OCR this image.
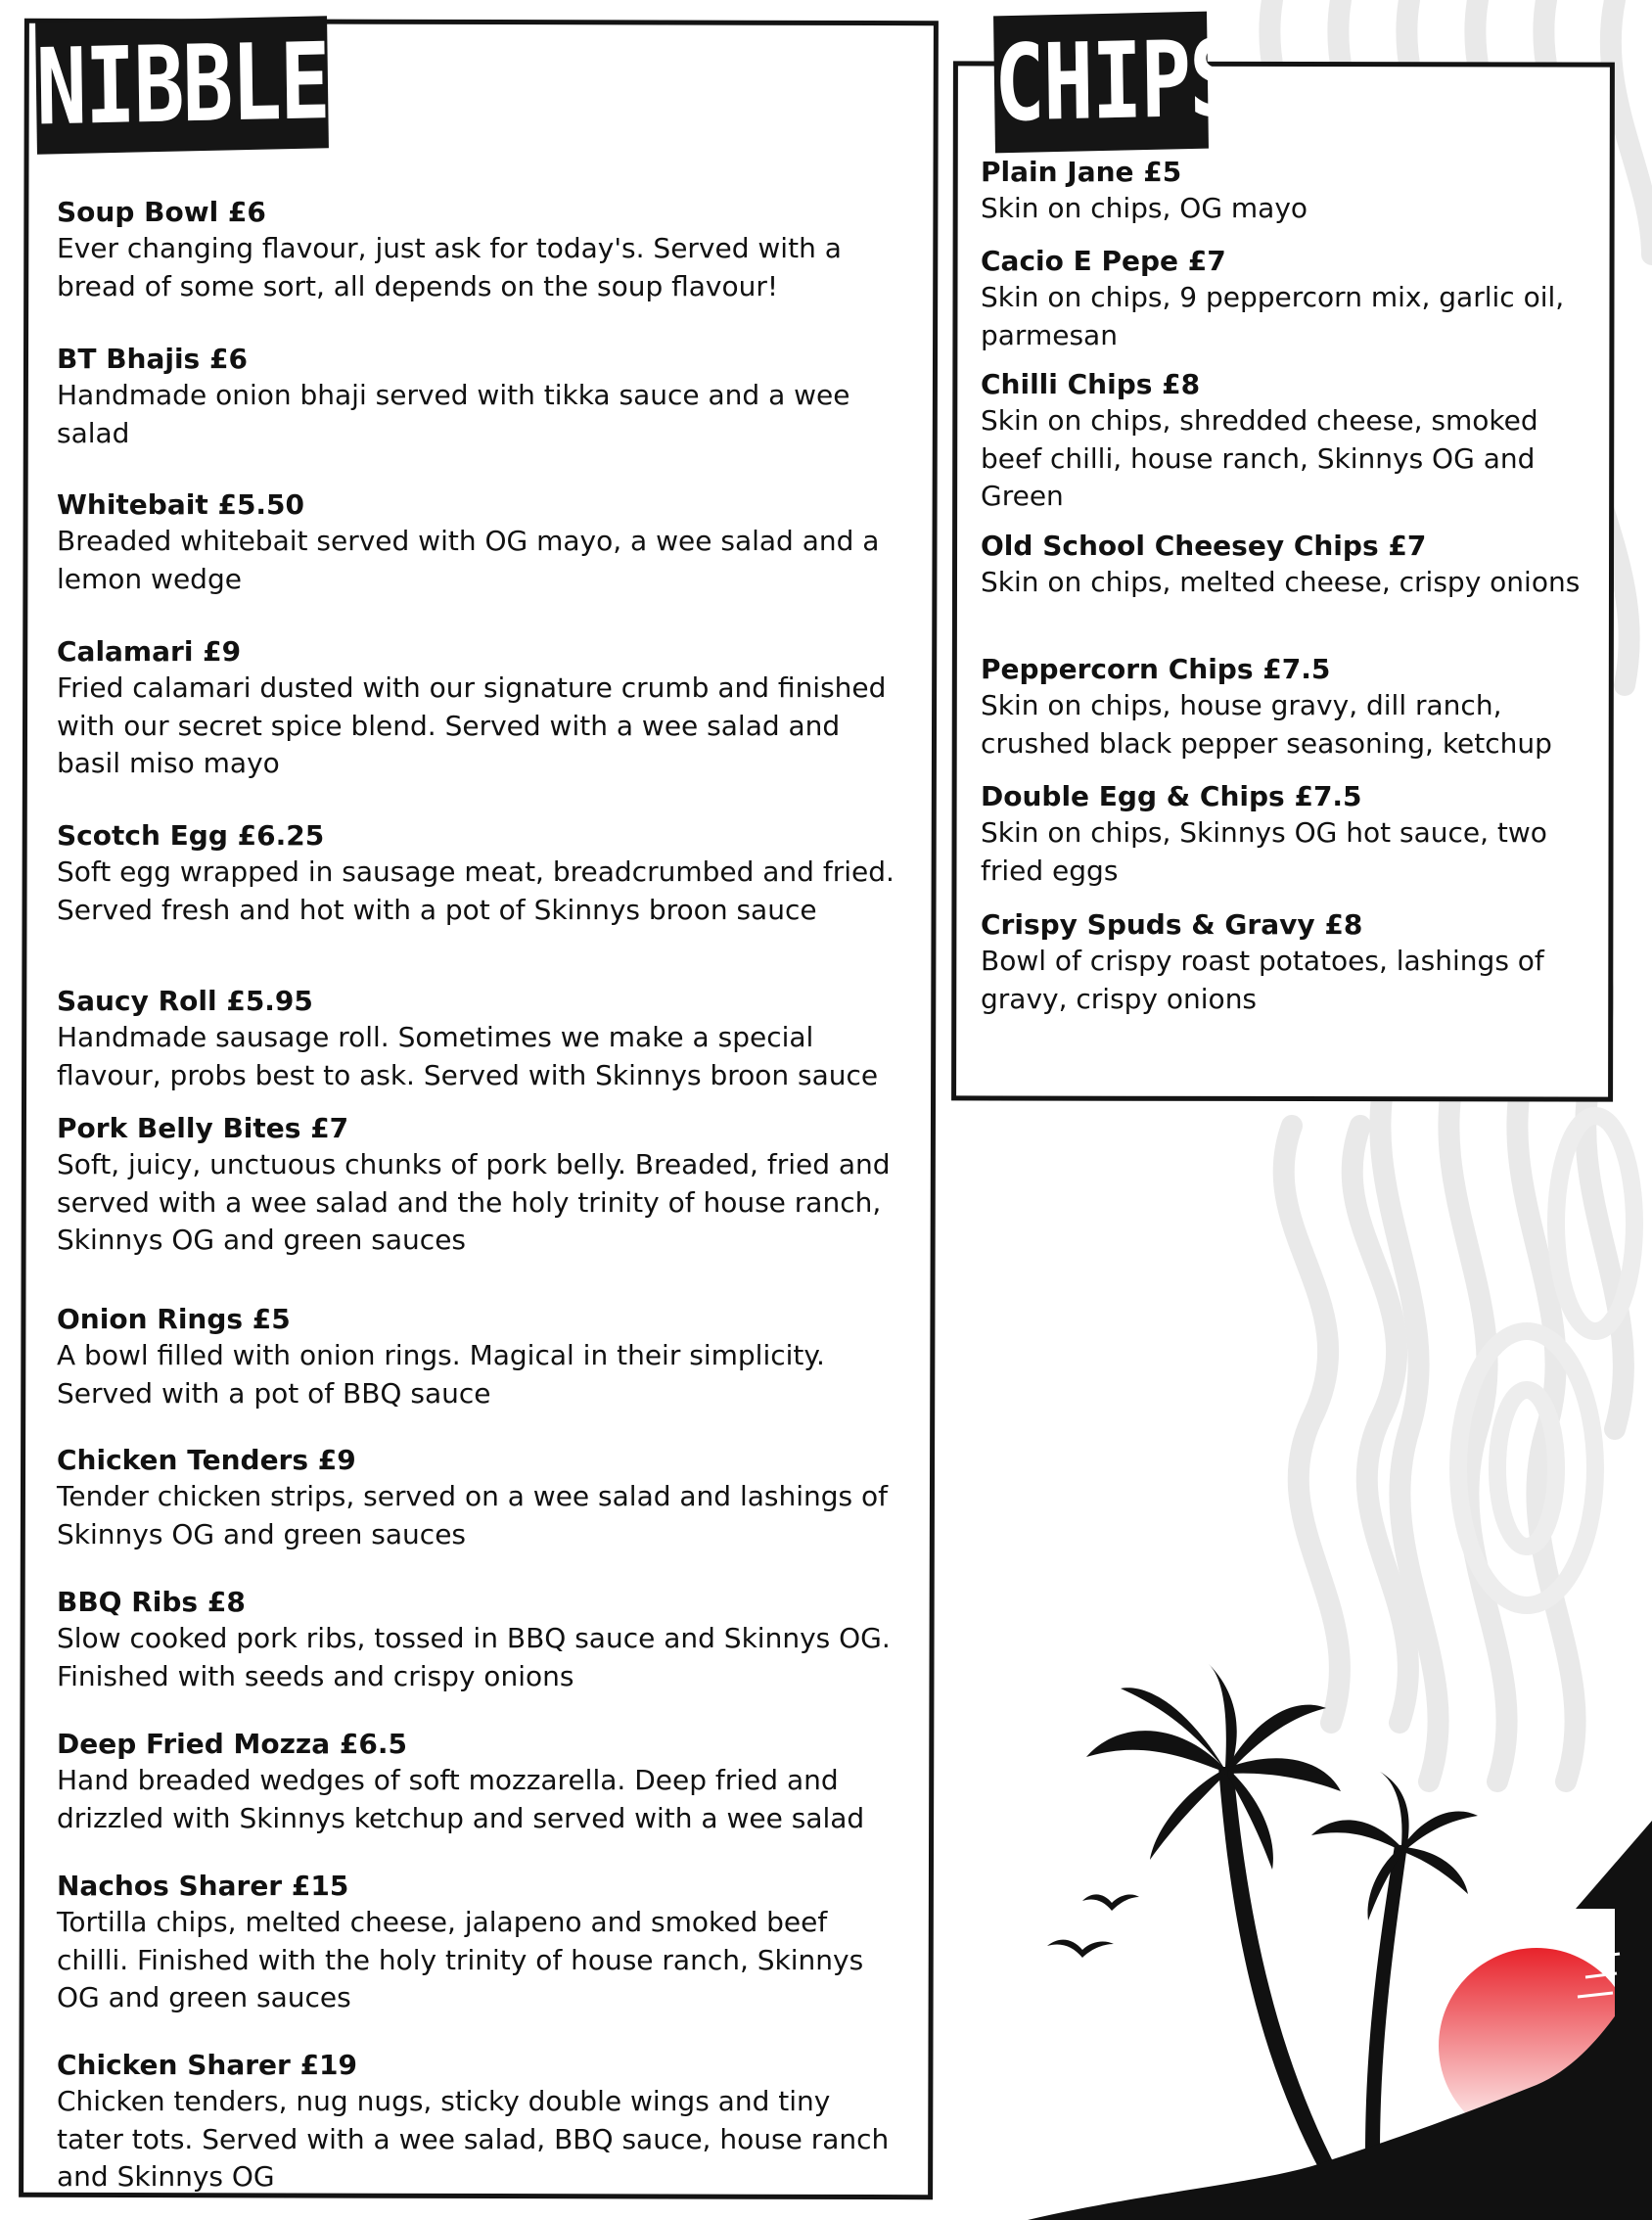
NIBBLES	CHIPS
Soup Bowl £6
Ever changing flavour, just ask for today's. Served with a bread of some sort, all depends on the soup flavour!
BT Bhajis £6
Handmade onion bhaji served with tikka sauce and a wee salad
Whitebait £5.50
Breaded whitebait served with OG mayo, a wee salad and a lemon wedge
Calamari £9
Fried calamari dusted with our signature crumb and finished with our secret spice blend. Served with a wee salad and basil miso mayo
Scotch Egg £6.25
Soft egg wrapped in sausage meat, breadcrumbed and fried. Served fresh and hot with a pot of Skinnys broon sauce
Saucy Roll £5.95
Handmade sausage roll. Sometimes we make a special flavour, probs best to ask. Served with Skinnys broon sauce
Pork Belly Bites £7
Soft, juicy, unctuous chunks of pork belly. Breaded, fried and served with a wee salad and the holy trinity of house ranch, Skinnys OG and green sauces
Onion Rings £5
A bowl filled with onion rings. Magical in their simplicity. Served with a pot of BBQ sauce
Chicken Tenders £9
Tender chicken strips, served on a wee salad and lashings of Skinnys OG and green sauces
BBQ Ribs £8
Slow cooked pork ribs, tossed in BBQ sauce and Skinnys OG. Finished with seeds and crispy onions
Deep Fried Mozza £6.5
Hand breaded wedges of soft mozzarella. Deep fried and drizzled with Skinnys ketchup and served with a wee salad
Nachos Sharer £15
Tortilla chips, melted cheese, jalapeno and smoked beef chilli. Finished with the holy trinity of house ranch, Skinnys OG and green sauces
Chicken Sharer £19
Chicken tenders, nug nugs, sticky double wings and tiny tater tots. Served with a wee salad, BBQ sauce, house ranch and Skinnys OG
Plain Jane £5
Skin on chips, OG mayo
Cacio E Pepe £7
Skin on chips, 9 peppercorn mix, garlic oil, parmesan
Chilli Chips £8
Skin on chips, shredded cheese, smoked beef chilli, house ranch, Skinnys OG and Green
Old School Cheesey Chips £7
Skin on chips, melted cheese, crispy onions
Peppercorn Chips £7.5
Skin on chips, house gravy, dill ranch, crushed black pepper seasoning, ketchup
Double Egg & Chips £7.5
Skin on chips, Skinnys OG hot sauce, two fried eggs
Crispy Spuds & Gravy £8
Bowl of crispy roast potatoes, lashings of gravy, crispy onions
